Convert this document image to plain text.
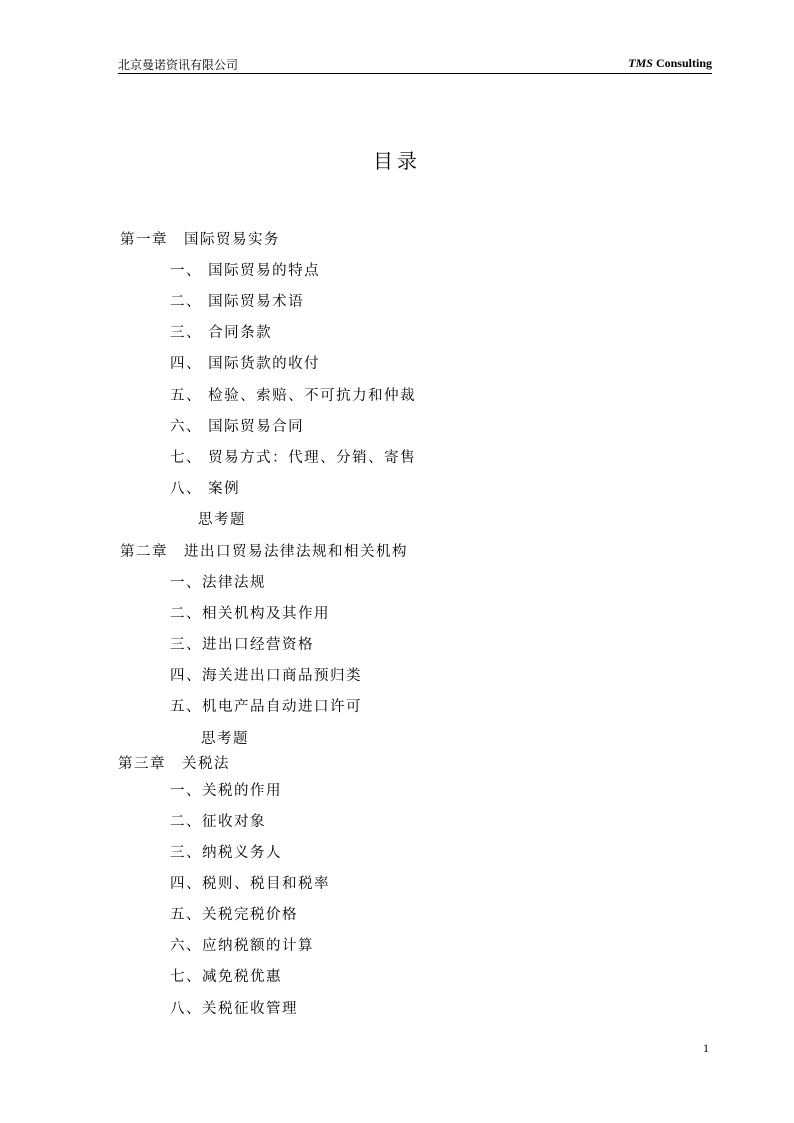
北京曼诺资讯有限公司	TMS Consulting
目录
第一章　国际贸易实务
一、 国际贸易的特点
二、 国际贸易术语
三、 合同条款
四、 国际货款的收付
五、 检验、索赔、不可抗力和仲裁
六、 国际贸易合同
七、 贸易方式：代理、分销、寄售
八、 案例
思考题
第二章　进出口贸易法律法规和相关机构
一、法律法规
二、相关机构及其作用
三、进出口经营资格
四、海关进出口商品预归类
五、机电产品自动进口许可
思考题
第三章　关税法
一、关税的作用
二、征收对象
三、纳税义务人
四、税则、税目和税率
五、关税完税价格
六、应纳税额的计算
七、减免税优惠
八、关税征收管理
1
